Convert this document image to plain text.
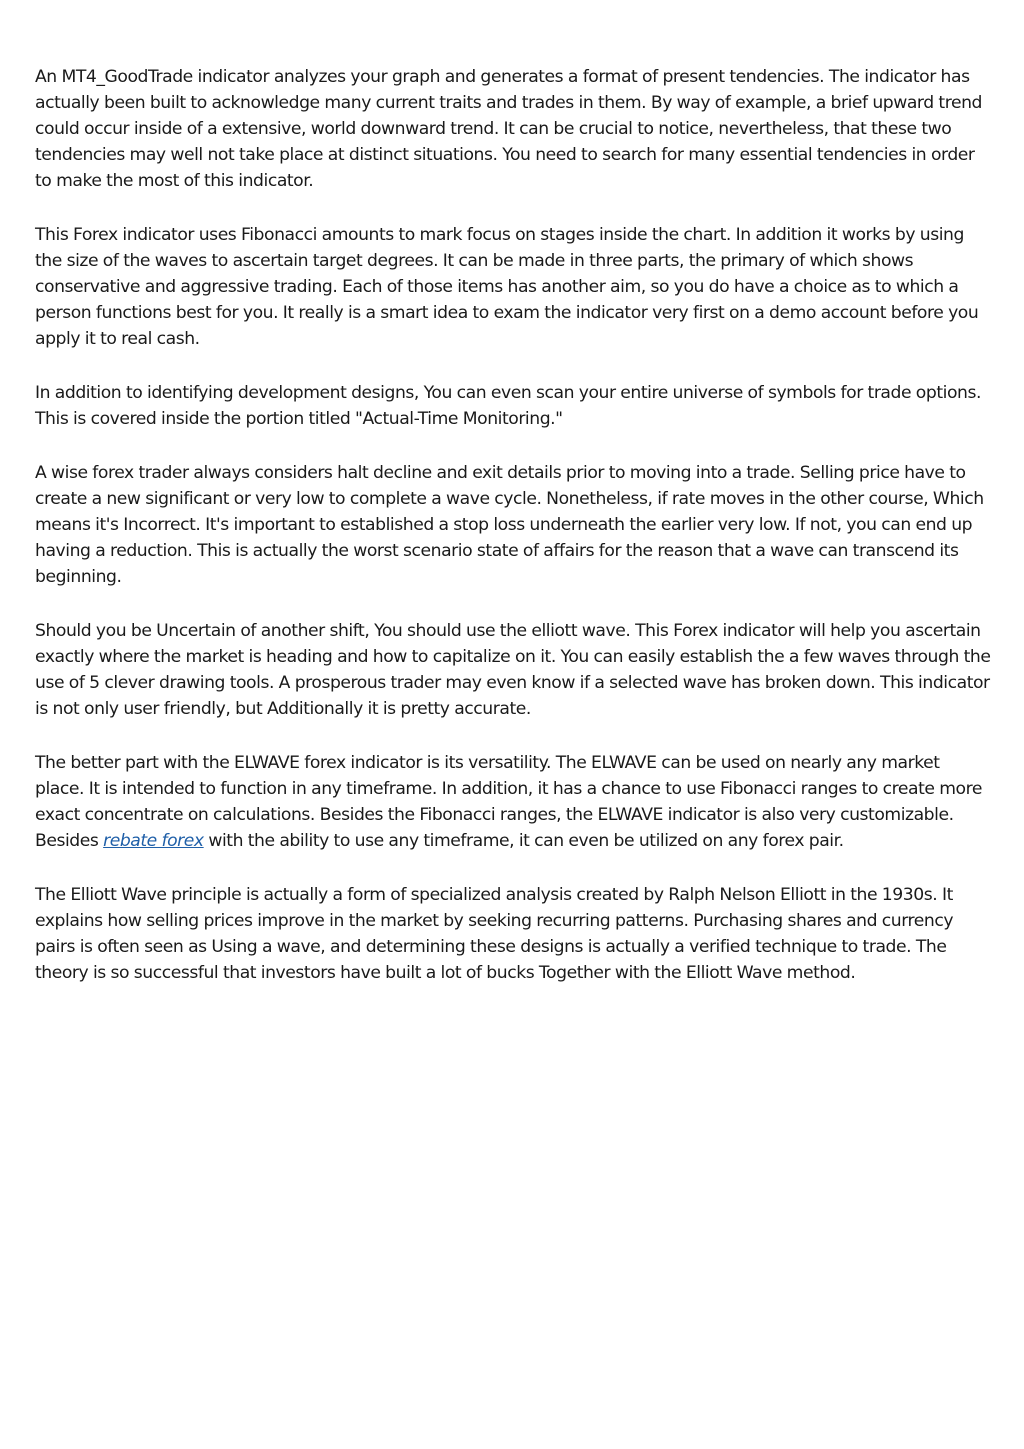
An MT4_GoodTrade indicator analyzes your graph and generates a format of present tendencies. The indicator has actually been built to acknowledge many current traits and trades in them. By way of example, a brief upward trend could occur inside of a extensive, world downward trend. It can be crucial to notice, nevertheless, that these two tendencies may well not take place at distinct situations. You need to search for many essential tendencies in order to make the most of this indicator.

This Forex indicator uses Fibonacci amounts to mark focus on stages inside the chart. In addition it works by using the size of the waves to ascertain target degrees. It can be made in three parts, the primary of which shows conservative and aggressive trading. Each of those items has another aim, so you do have a choice as to which a person functions best for you. It really is a smart idea to exam the indicator very first on a demo account before you apply it to real cash.

In addition to identifying development designs, You can even scan your entire universe of symbols for trade options. This is covered inside the portion titled "Actual-Time Monitoring."

A wise forex trader always considers halt decline and exit details prior to moving into a trade. Selling price have to create a new significant or very low to complete a wave cycle. Nonetheless, if rate moves in the other course, Which means it's Incorrect. It's important to established a stop loss underneath the earlier very low. If not, you can end up having a reduction. This is actually the worst scenario state of affairs for the reason that a wave can transcend its beginning.

Should you be Uncertain of another shift, You should use the elliott wave. This Forex indicator will help you ascertain exactly where the market is heading and how to capitalize on it. You can easily establish the a few waves through the use of 5 clever drawing tools. A prosperous trader may even know if a selected wave has broken down. This indicator is not only user friendly, but Additionally it is pretty accurate.

The better part with the ELWAVE forex indicator is its versatility. The ELWAVE can be used on nearly any market place. It is intended to function in any timeframe. In addition, it has a chance to use Fibonacci ranges to create more exact concentrate on calculations. Besides the Fibonacci ranges, the ELWAVE indicator is also very customizable. Besides rebate forex with the ability to use any timeframe, it can even be utilized on any forex pair.

The Elliott Wave principle is actually a form of specialized analysis created by Ralph Nelson Elliott in the 1930s. It explains how selling prices improve in the market by seeking recurring patterns. Purchasing shares and currency pairs is often seen as Using a wave, and determining these designs is actually a verified technique to trade. The theory is so successful that investors have built a lot of bucks Together with the Elliott Wave method.
